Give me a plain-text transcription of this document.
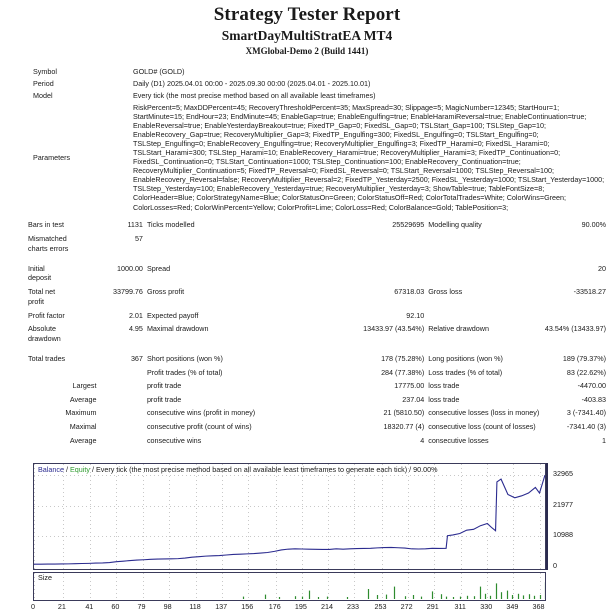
Strategy Tester Report
SmartDayMultiStratEA MT4
XMGlobal-Demo 2 (Build 1441)
Symbol	GOLD# (GOLD)
Period	Daily (D1) 2025.04.01 00:00 - 2025.09.30 00:00 (2025.04.01 - 2025.10.01)
Model	Every tick (the most precise method based on all available least timeframes)
Parameters	
RiskPercent=5; MaxDDPercent=45; RecoveryThresholdPercent=35; MaxSpread=30; Slippage=5; MagicNumber=12345; StartHour=1;
StartMinute=15; EndHour=23; EndMinute=45; EnableGap=true; EnableEngulfing=true; EnableHaramiReversal=true; EnableContinuation=true;
EnableReversal=true; EnableYesterdayBreakout=true; FixedTP_Gap=0; FixedSL_Gap=0; TSLStart_Gap=100; TSLStep_Gap=10;
EnableRecovery_Gap=true; RecoveryMultiplier_Gap=3; FixedTP_Engulfing=300; FixedSL_Engulfing=0; TSLStart_Engulfing=0;
TSLStep_Engulfing=0; EnableRecovery_Engulfing=true; RecoveryMultiplier_Engulfing=3; FixedTP_Harami=0; FixedSL_Harami=0;
TSLStart_Harami=300; TSLStep_Harami=10; EnableRecovery_Harami=true; RecoveryMultiplier_Harami=3; FixedTP_Continuation=0;
FixedSL_Continuation=0; TSLStart_Continuation=1000; TSLStep_Continuation=100; EnableRecovery_Continuation=true;
RecoveryMultiplier_Continuation=5; FixedTP_Reversal=0; FixedSL_Reversal=0; TSLStart_Reversal=1000; TSLStep_Reversal=100;
EnableRecovery_Reversal=false; RecoveryMultiplier_Reversal=2; FixedTP_Yesterday=2500; FixedSL_Yesterday=1000; TSLStart_Yesterday=1000;
TSLStep_Yesterday=100; EnableRecovery_Yesterday=true; RecoveryMultiplier_Yesterday=3; ShowTable=true; TableFontSize=8;
ColorHeader=Blue; ColorStrategyName=Blue; ColorStatusOn=Green; ColorStatusOff=Red; ColorTotalTrades=White; ColorWins=Green;
ColorLosses=Red; ColorWinPercent=Yellow; ColorProfit=Lime; ColorLoss=Red; ColorBalance=Gold; TablePosition=3;
Bars in test	1131	Ticks modelled	25529695	Modelling quality	90.00%

Mismatched
charts errors	57				

Initial
deposit	1000.00	Spread			20

Total net
profit	33799.76	Gross profit	67318.03	Gross loss	-33518.27
Profit factor	2.01	Expected payoff	92.10		

Absolute
drawdown	4.95	Maximal drawdown	13433.97 (43.54%)	Relative drawdown	43.54% (13433.97)

Total trades	367	Short positions (won %)	178 (75.28%)	Long positions (won %)	189 (79.37%)
		Profit trades (% of total)	284 (77.38%)	Loss trades (% of total)	83 (22.62%)
Largest		profit trade	17775.00	loss trade	-4470.00
Average		profit trade	237.04	loss trade	-403.83
Maximum		consecutive wins (profit in money)	21 (5810.50)	consecutive losses (loss in money)	3 (-7341.40)
Maximal		consecutive profit (count of wins)	18320.77 (4)	consecutive loss (count of losses)	-7341.40 (3)
Average		consecutive wins	4	consecutive losses	1
Balance / Equity / Every tick (the most precise method based on all available least timeframes to generate each tick) / 90.00%	32965
21977
10988
0
Size
0	21	41	60	79	98	118	137	156	176	195	214	233	253	272	291	311	330	349	368
